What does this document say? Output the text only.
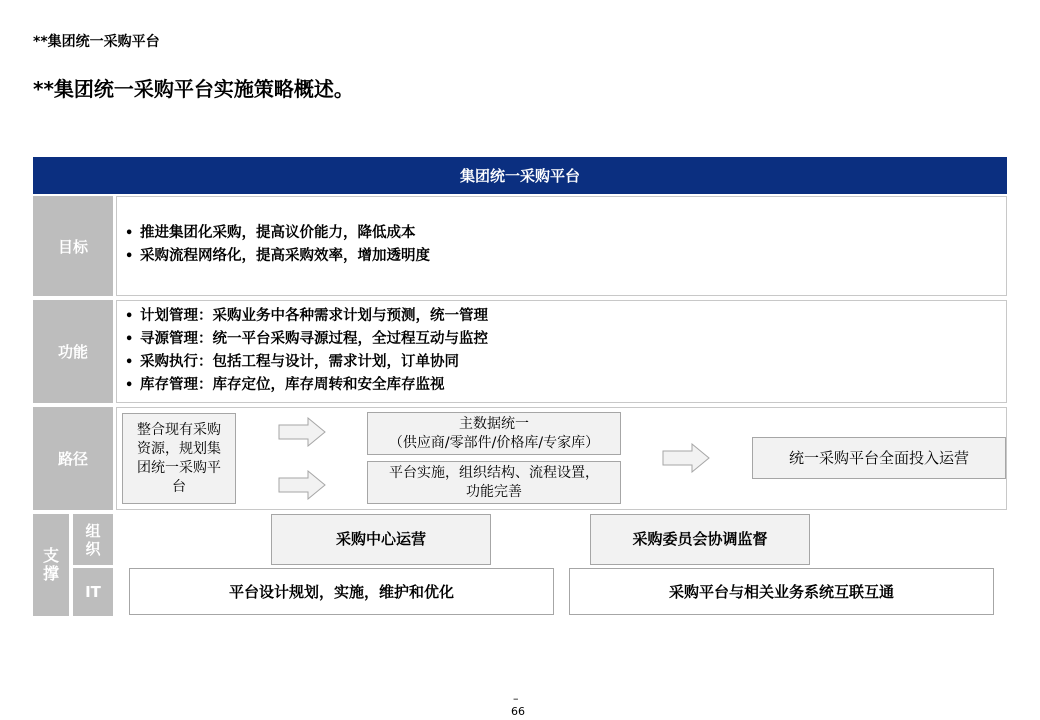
**集团统一采购平台
**集团统一采购平台实施策略概述。
集团统一采购平台
目标
• 推进集团化采购，提高议价能力，降低成本
• 采购流程网络化，提高采购效率，增加透明度
功能
• 计划管理：采购业务中各种需求计划与预测，统一管理
• 寻源管理：统一平台采购寻源过程，全过程互动与监控
• 采购执行：包括工程与设计，需求计划，订单协同
• 库存管理：库存定位，库存周转和安全库存监视
路径
整合现有采购
资源，规划集
团统一采购平
台
主数据统一
（供应商/零部件/价格库/专家库）
平台实施，组织结构、流程设置，
功能完善
统一采购平台全面投入运营
支
撑
组
织
IT
采购中心运营	采购委员会协调监督
平台设计规划，实施，维护和优化	采购平台与相关业务系统互联互通
–
66
